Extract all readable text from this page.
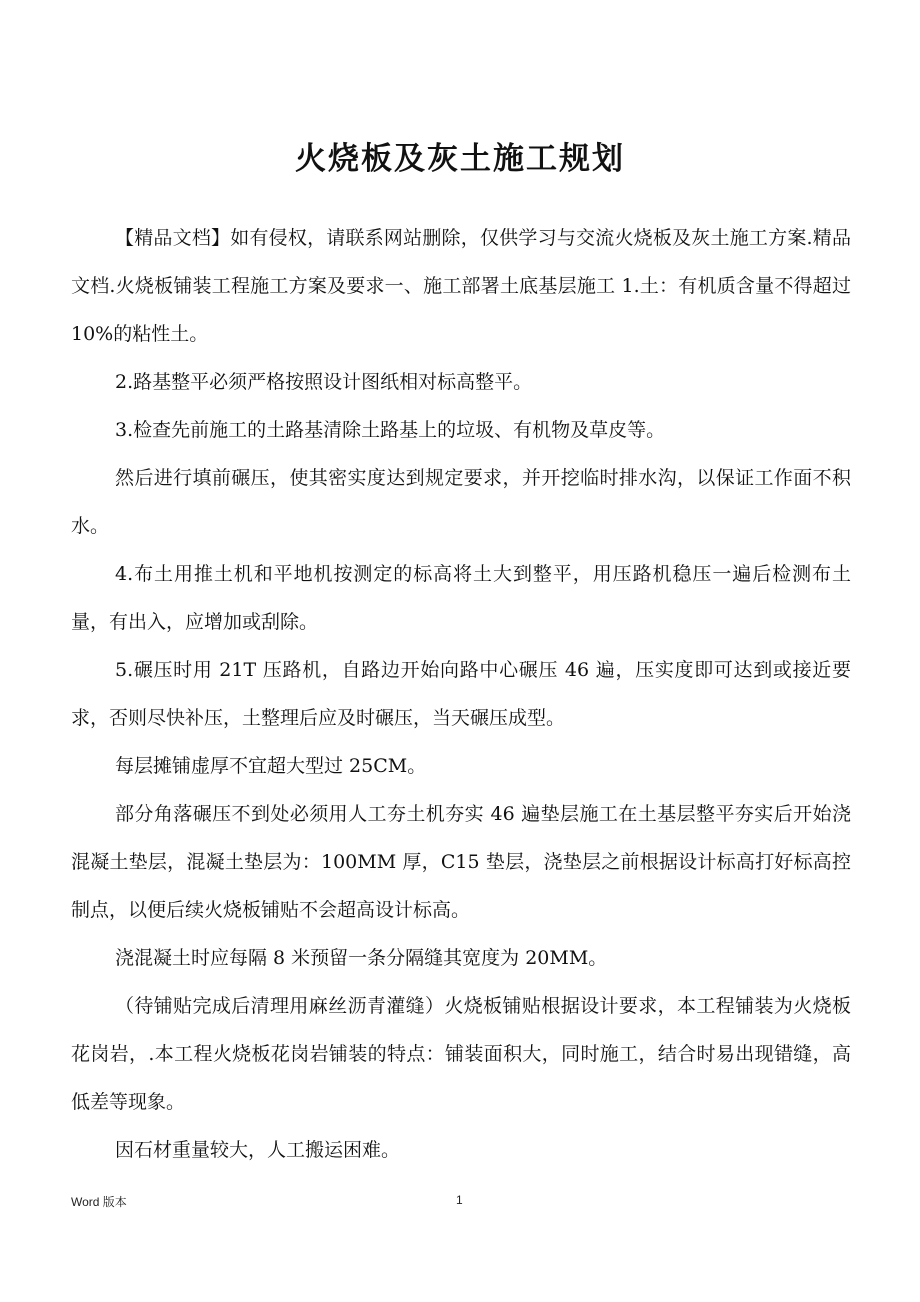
火烧板及灰土施工规划

【精品文档】如有侵权，请联系网站删除，仅供学习与交流火烧板及灰土施工方案.精品文档.火烧板铺装工程施工方案及要求一、施工部署土底基层施工 1.土：有机质含量不得超过 10%的粘性土。

2.路基整平必须严格按照设计图纸相对标高整平。

3.检查先前施工的土路基清除土路基上的垃圾、有机物及草皮等。

然后进行填前碾压，使其密实度达到规定要求，并开挖临时排水沟，以保证工作面不积水。

4.布土用推土机和平地机按测定的标高将土大到整平，用压路机稳压一遍后检测布土量，有出入，应增加或刮除。

5.碾压时用 21T 压路机，自路边开始向路中心碾压 46 遍，压实度即可达到或接近要求，否则尽快补压，土整理后应及时碾压，当天碾压成型。

每层摊铺虚厚不宜超大型过 25CM。

部分角落碾压不到处必须用人工夯土机夯实 46 遍垫层施工在土基层整平夯实后开始浇混凝土垫层，混凝土垫层为：100MM 厚，C15 垫层，浇垫层之前根据设计标高打好标高控制点，以便后续火烧板铺贴不会超高设计标高。

浇混凝土时应每隔 8 米预留一条分隔缝其宽度为 20MM。

（待铺贴完成后清理用麻丝沥青灌缝）火烧板铺贴根据设计要求，本工程铺装为火烧板花岗岩，.本工程火烧板花岗岩铺装的特点：铺装面积大，同时施工，结合时易出现错缝，高低差等现象。

因石材重量较大，人工搬运困难。

Word 版本	1
